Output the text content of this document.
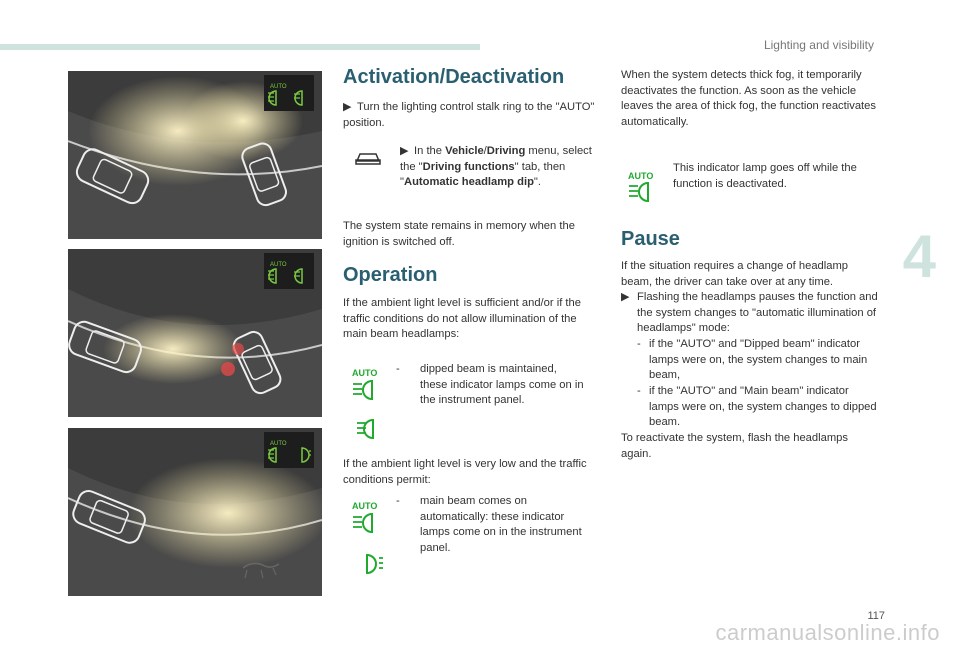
Lighting and visibility
4
AUTO
AUTO
AUTO
Activation/Deactivation

▶ Turn the lighting control stalk ring to the "AUTO" position.

▶ In the Vehicle/Driving menu, select the "Driving functions" tab, then "Automatic headlamp dip".

The system state remains in memory when the ignition is switched off.

Operation

If the ambient light level is sufficient and/or if the traffic conditions do not allow illumination of the main beam headlamps:

AUTO -	dipped beam is maintained, these indicator lamps come on in the instrument panel.

If the ambient light level is very low and the traffic conditions permit:

AUTO -	main beam comes on automatically: these indicator lamps come on in the instrument panel.

When the system detects thick fog, it temporarily deactivates the function. As soon as the vehicle leaves the area of thick fog, the function reactivates automatically.

AUTO

This indicator lamp goes off while the function is deactivated.

Pause

If the situation requires a change of headlamp beam, the driver can take over at any time.

▶ Flashing the headlamps pauses the function and the system changes to "automatic illumination of headlamps" mode:
- if the "AUTO" and "Dipped beam" indicator lamps were on, the system changes to main beam,
- if the "AUTO" and "Main beam" indicator lamps were on, the system changes to dipped beam.

To reactivate the system, flash the headlamps again.

117
carmanualsonline.info
